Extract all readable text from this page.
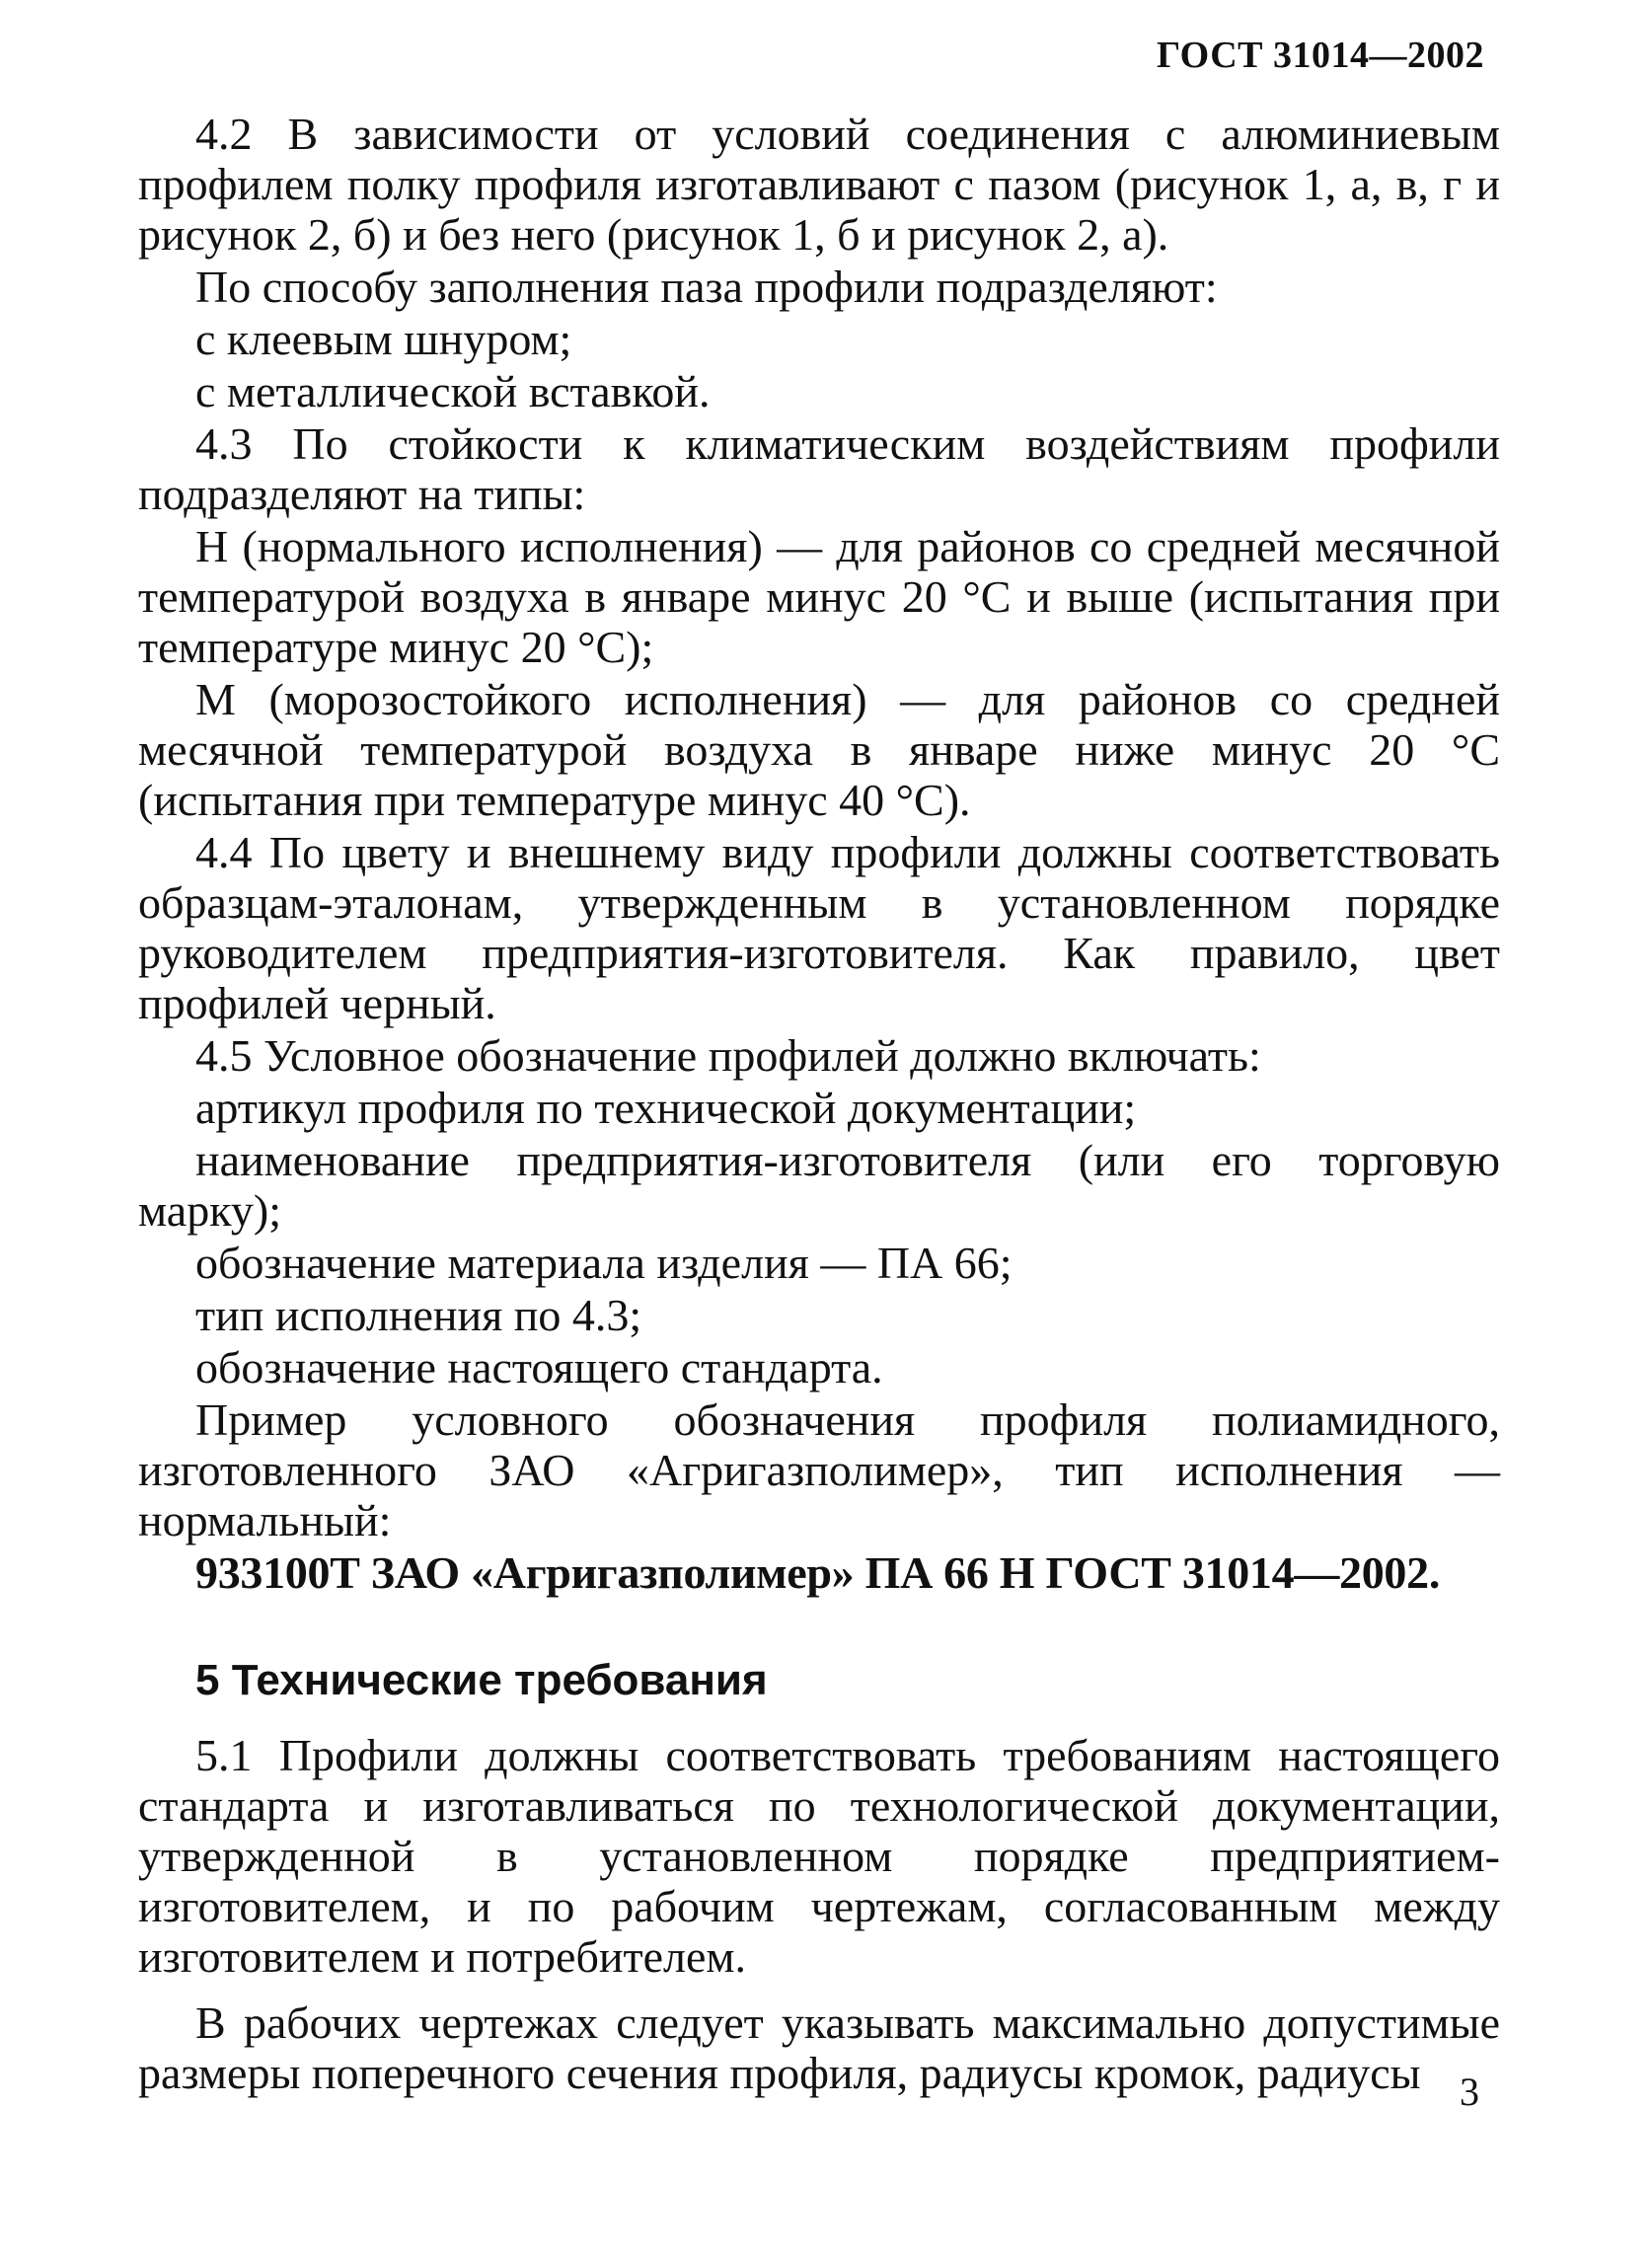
ГОСТ 31014—2002

4.2 В зависимости от условий соединения с алюминиевым профилем полку профиля изготавливают с пазом (рисунок 1, а, в, г и рисунок 2, б) и без него (рисунок 1, б и рисунок 2, а).

По способу заполнения паза профили подразделяют:

с клеевым шнуром;

с металлической вставкой.

4.3 По стойкости к климатическим воздействиям профили подразделяют на типы:

Н (нормального исполнения) — для районов со средней месячной температурой воздуха в январе минус 20 °С и выше (испытания при температуре минус 20 °С);

М (морозостойкого исполнения) — для районов со средней месячной температурой воздуха в январе ниже минус 20 °С (испытания при температуре минус 40 °С).

4.4 По цвету и внешнему виду профили должны соответствовать образцам-эталонам, утвержденным в установленном порядке руководителем предприятия-изготовителя. Как правило, цвет профилей черный.

4.5 Условное обозначение профилей должно включать:

артикул профиля по технической документации;

наименование предприятия-изготовителя (или его торговую марку);

обозначение материала изделия — ПА 66;

тип исполнения по 4.3;

обозначение настоящего стандарта.

Пример условного обозначения профиля полиамидного, изготовленного ЗАО «Агригазполимер», тип исполнения — нормальный:

933100Т ЗАО «Агригазполимер» ПА 66 Н ГОСТ 31014—2002.

5 Технические требования

5.1 Профили должны соответствовать требованиям настоящего стандарта и изготавливаться по технологической документации, утвержденной в установленном порядке предприятием-изготовителем, и по рабочим чертежам, согласованным между изготовителем и потребителем.

В рабочих чертежах следует указывать максимально допустимые размеры поперечного сечения профиля, радиусы кромок, радиусы 3
